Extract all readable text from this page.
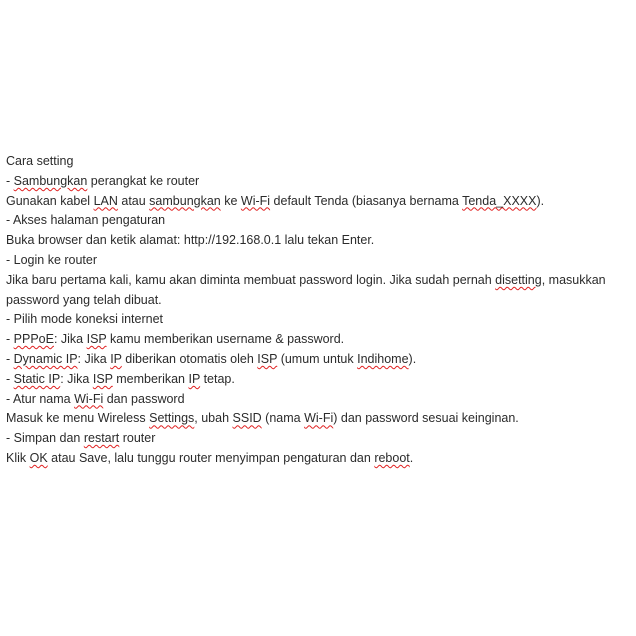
Cara setting
- Sambungkan perangkat ke router
Gunakan kabel LAN atau sambungkan ke Wi-Fi default Tenda (biasanya bernama Tenda_XXXX).
- Akses halaman pengaturan
Buka browser dan ketik alamat: http://192.168.0.1 lalu tekan Enter.
- Login ke router
Jika baru pertama kali, kamu akan diminta membuat password login. Jika sudah pernah disetting, masukkan password yang telah dibuat.
- Pilih mode koneksi internet
- PPPoE: Jika ISP kamu memberikan username & password.
- Dynamic IP: Jika IP diberikan otomatis oleh ISP (umum untuk Indihome).
- Static IP: Jika ISP memberikan IP tetap.
- Atur nama Wi-Fi dan password
Masuk ke menu Wireless Settings, ubah SSID (nama Wi-Fi) dan password sesuai keinginan.
- Simpan dan restart router
Klik OK atau Save, lalu tunggu router menyimpan pengaturan dan reboot.
